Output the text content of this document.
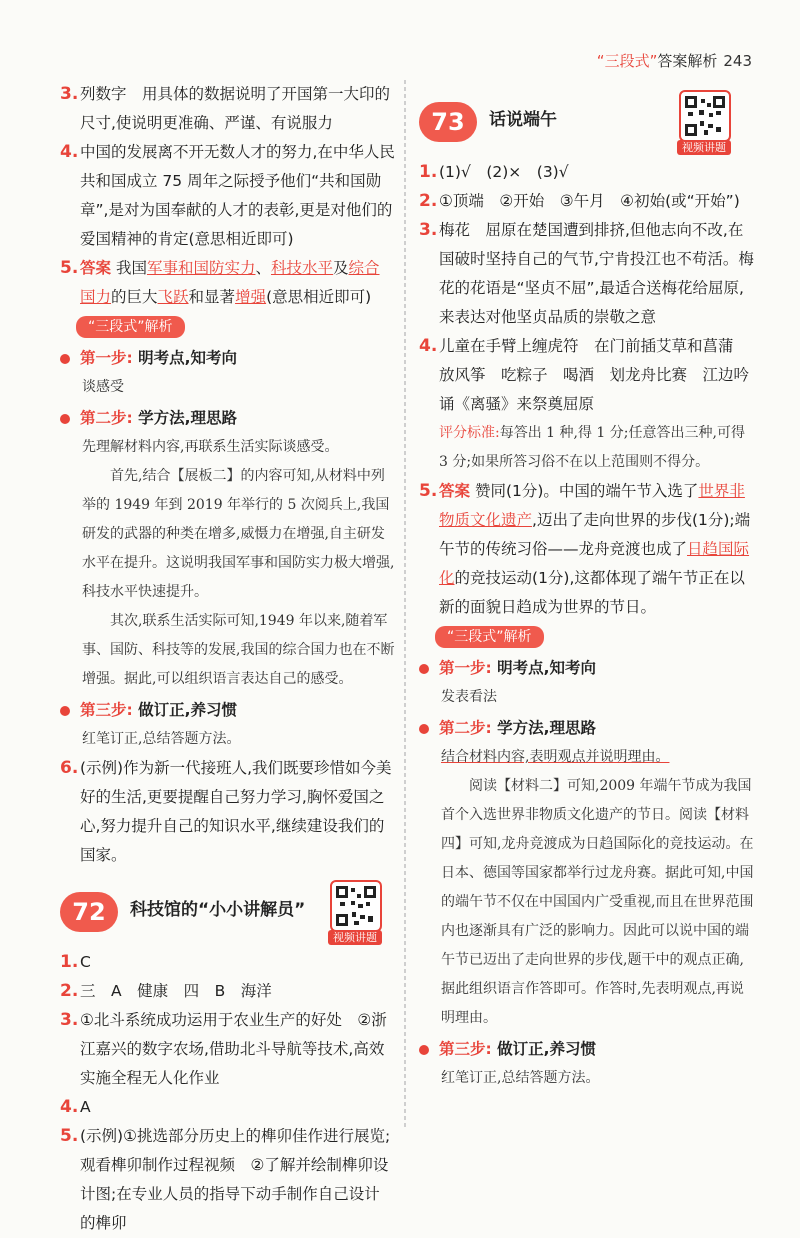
“三段式”答案解析 243
3. 列数字　用具体的数据说明了开国第一大印的尺寸,使说明更准确、严谨、有说服力
4. 中国的发展离不开无数人才的努力,在中华人民共和国成立 75 周年之际授予他们“共和国勋章”,是对为国奉献的人才的表彰,更是对他们的爱国精神的肯定(意思相近即可)
5. 答案 我国军事和国防实力、科技水平及综合国力的巨大飞跃和显著增强(意思相近即可)
“三段式”解析
第一步: 明考点,知考向
谈感受
第二步: 学方法,理思路

先理解材料内容,再联系生活实际谈感受。

首先,结合【展板二】的内容可知,从材料中列举的 1949 年到 2019 年举行的 5 次阅兵上,我国研发的武器的种类在增多,威慑力在增强,自主研发水平在提升。这说明我国军事和国防实力极大增强,科技水平快速提升。

其次,联系生活实际可知,1949 年以来,随着军事、国防、科技等的发展,我国的综合国力也在不断增强。据此,可以组织语言表达自己的感受。

第三步: 做订正,养习惯
红笔订正,总结答题方法。
6. (示例)作为新一代接班人,我们既要珍惜如今美好的生活,更要提醒自己努力学习,胸怀爱国之心,努力提升自己的知识水平,继续建设我们的国家。
72	科技馆的“小小讲解员”
视频讲题
1. C
2. 三　A　健康　四　B　海洋
3. ①北斗系统成功运用于农业生产的好处　②浙江嘉兴的数字农场,借助北斗导航等技术,高效实施全程无人化作业
4. A
5. (示例)①挑选部分历史上的榫卯佳作进行展览;观看榫卯制作过程视频　②了解并绘制榫卯设计图;在专业人员的指导下动手制作自己设计的榫卯
73	话说端午
视频讲题
1. (1)√　(2)×　(3)√
2. ①顶端　②开始　③午月　④初始(或“开始”)
3. 梅花　屈原在楚国遭到排挤,但他志向不改,在国破时坚持自己的气节,宁肯投江也不苟活。梅花的花语是“坚贞不屈”,最适合送梅花给屈原,来表达对他坚贞品质的崇敬之意
4. 儿童在手臂上缠虎符　在门前插艾草和菖蒲　放风筝　吃粽子　喝酒　划龙舟比赛　江边吟诵《离骚》来祭奠屈原
评分标准:每答出 1 种,得 1 分;任意答出三种,可得 3 分;如果所答习俗不在以上范围则不得分。
5. 答案 赞同(1分)。中国的端午节入选了世界非物质文化遗产,迈出了走向世界的步伐(1分);端午节的传统习俗——龙舟竞渡也成了日趋国际化的竞技运动(1分),这都体现了端午节正在以新的面貌日趋成为世界的节日。
“三段式”解析
第一步: 明考点,知考向
发表看法
第二步: 学方法,理思路

结合材料内容,表明观点并说明理由。

阅读【材料二】可知,2009 年端午节成为我国首个入选世界非物质文化遗产的节日。阅读【材料四】可知,龙舟竞渡成为日趋国际化的竞技运动。在日本、德国等国家都举行过龙舟赛。据此可知,中国的端午节不仅在中国国内广受重视,而且在世界范围内也逐渐具有广泛的影响力。因此可以说中国的端午节已迈出了走向世界的步伐,题干中的观点正确,据此组织语言作答即可。作答时,先表明观点,再说明理由。

第三步: 做订正,养习惯
红笔订正,总结答题方法。
